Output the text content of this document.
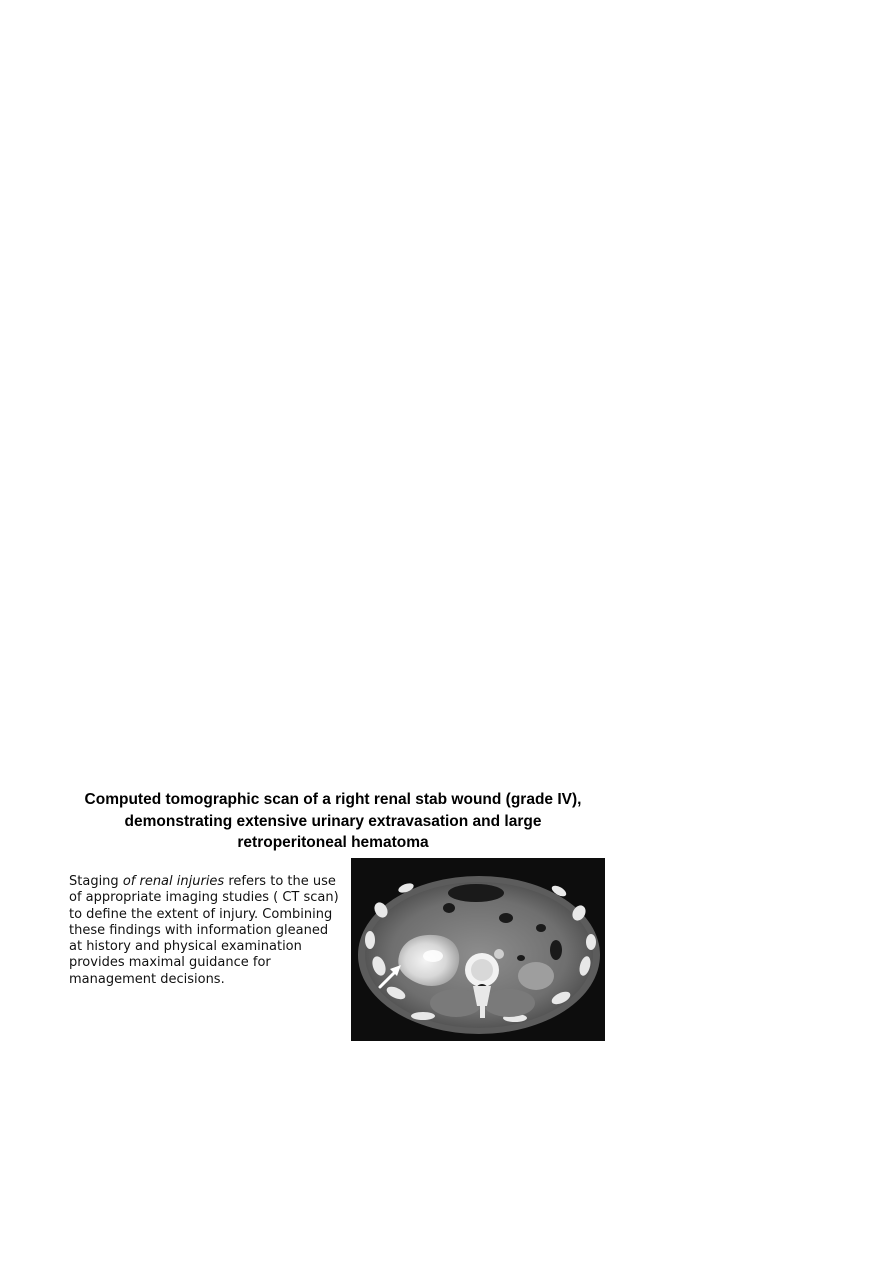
Computed tomographic scan of a right renal stab wound (grade IV),
demonstrating extensive urinary extravasation and large
retroperitoneal hematoma
Staging of renal injuries refers to the use
of appropriate imaging studies ( CT scan)
to define the extent of injury. Combining
these findings with information gleaned
at history and physical examination
provides maximal guidance for
management decisions.
